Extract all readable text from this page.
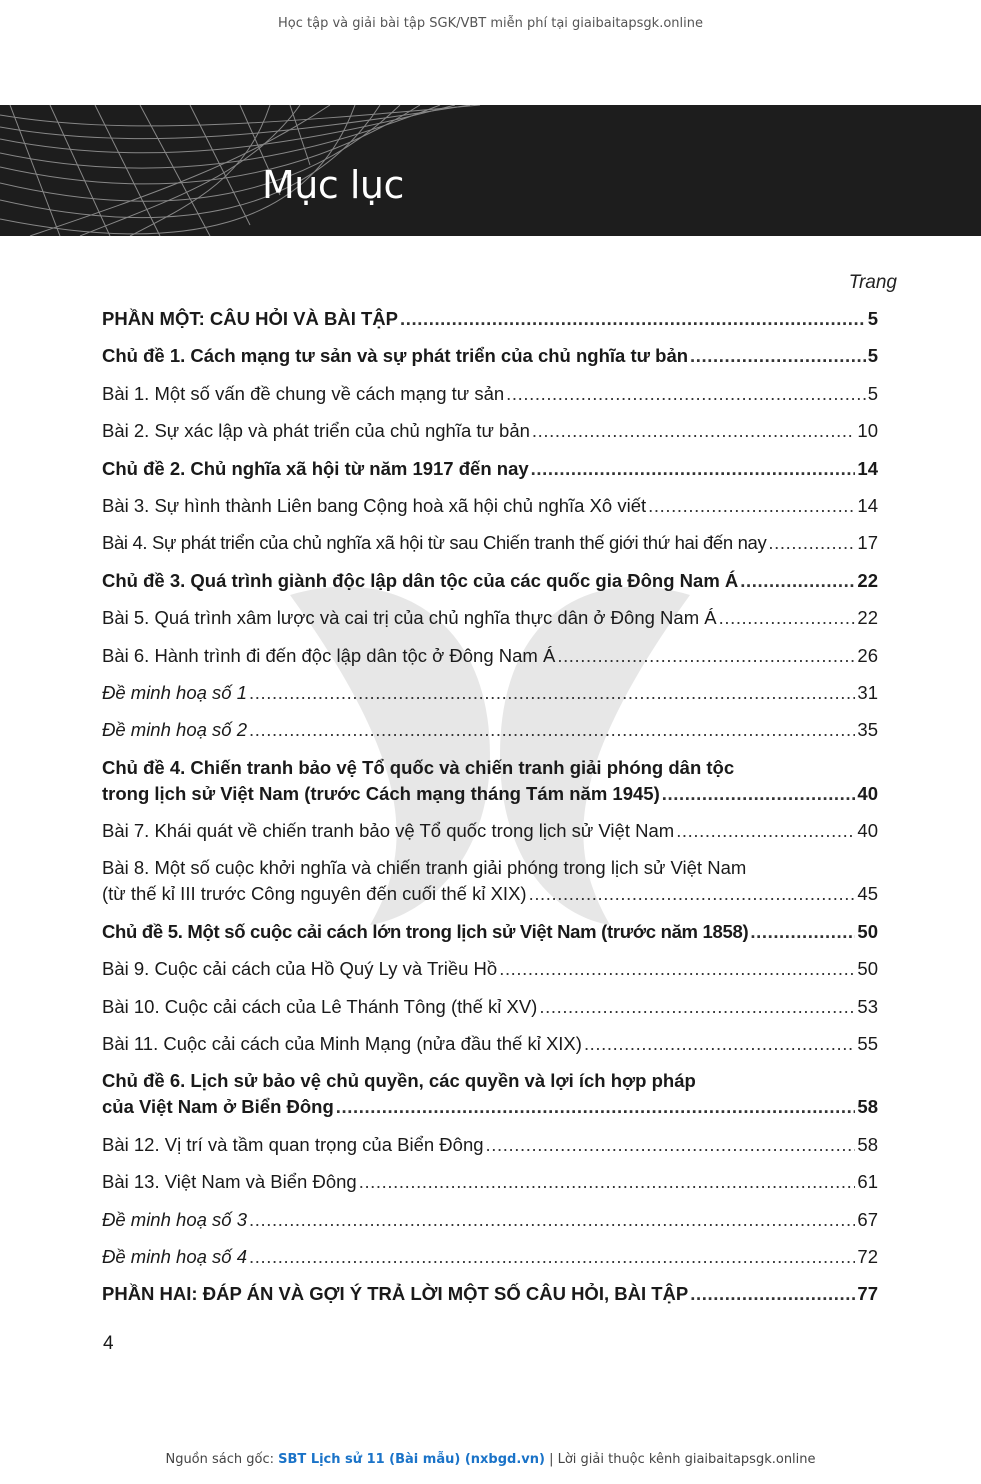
Học tập và giải bài tập SGK/VBT miễn phí tại giaibaitapsgk.online
Mục lục
Trang
PHẦN MỘT: CÂU HỎI VÀ BÀI TẬP .....	5
Chủ đề 1. Cách mạng tư sản và sự phát triển của chủ nghĩa tư bản .....	5
Bài 1. Một số vấn đề chung về cách mạng tư sản .....	5
Bài 2. Sự xác lập và phát triển của chủ nghĩa tư bản .....	10
Chủ đề 2. Chủ nghĩa xã hội từ năm 1917 đến nay .....	14
Bài 3. Sự hình thành Liên bang Cộng hoà xã hội chủ nghĩa Xô viết .....	14
Bài 4. Sự phát triển của chủ nghĩa xã hội từ sau Chiến tranh thế giới thứ hai đến nay .....	17
Chủ đề 3. Quá trình giành độc lập dân tộc của các quốc gia Đông Nam Á .....	22
Bài 5. Quá trình xâm lược và cai trị của chủ nghĩa thực dân ở Đông Nam Á .....	22
Bài 6. Hành trình đi đến độc lập dân tộc ở Đông Nam Á .....	26
Đề minh hoạ số 1 .....	31
Đề minh hoạ số 2 .....	35
Chủ đề 4. Chiến tranh bảo vệ Tổ quốc và chiến tranh giải phóng dân tộc
trong lịch sử Việt Nam (trước Cách mạng tháng Tám năm 1945) .....	40
Bài 7. Khái quát về chiến tranh bảo vệ Tổ quốc trong lịch sử Việt Nam .....	40
Bài 8. Một số cuộc khởi nghĩa và chiến tranh giải phóng trong lịch sử Việt Nam
(từ thế kỉ III trước Công nguyên đến cuối thế kỉ XIX) .....	45
Chủ đề 5. Một số cuộc cải cách lớn trong lịch sử Việt Nam (trước năm 1858) .....	50
Bài 9. Cuộc cải cách của Hồ Quý Ly và Triều Hồ .....	50
Bài 10. Cuộc cải cách của Lê Thánh Tông (thế kỉ XV) .....	53
Bài 11. Cuộc cải cách của Minh Mạng (nửa đầu thế kỉ XIX) .....	55
Chủ đề 6. Lịch sử bảo vệ chủ quyền, các quyền và lợi ích hợp pháp
của Việt Nam ở Biển Đông .....	58
Bài 12. Vị trí và tầm quan trọng của Biển Đông .....	58
Bài 13. Việt Nam và Biển Đông .....	61
Đề minh hoạ số 3 .....	67
Đề minh hoạ số 4 .....	72
PHẦN HAI: ĐÁP ÁN VÀ GỢI Ý TRẢ LỜI MỘT SỐ CÂU HỎI, BÀI TẬP .....	77
4
Nguồn sách gốc: SBT Lịch sử 11 (Bài mẫu) (nxbgd.vn) | Lời giải thuộc kênh giaibaitapsgk.online
